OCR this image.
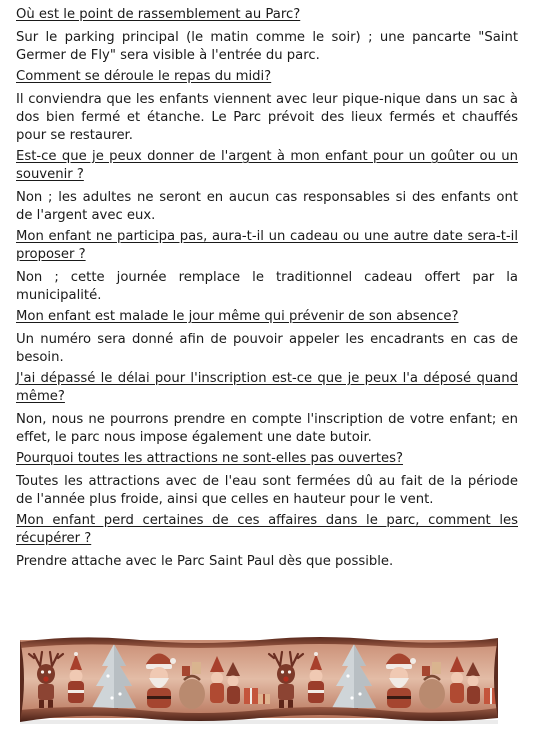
Où est le point de rassemblement au Parc?

Sur le parking principal (le matin comme le soir) ; une pancarte "Saint Germer de Fly" sera visible à l'entrée du parc.

Comment se déroule le repas du midi?

Il conviendra que les enfants viennent avec leur pique-nique dans un sac à dos bien fermé et étanche. Le Parc prévoit des lieux fermés et chauffés pour se restaurer.

Est-ce que je peux donner de l'argent à mon enfant pour un goûter ou un souvenir ?

Non ; les adultes ne seront en aucun cas responsables si des enfants ont de l'argent avec eux.

Mon enfant ne participa pas, aura-t-il un cadeau ou une autre date sera-t-il proposer ?

Non ; cette journée remplace le traditionnel cadeau offert par la municipalité.

Mon enfant est malade le jour même qui prévenir de son absence?

Un numéro sera donné afin de pouvoir appeler les encadrants en cas de besoin.

J'ai dépassé le délai pour l'inscription est-ce que je peux l'a déposé quand même?

Non, nous ne pourrons prendre en compte l'inscription de votre enfant; en effet, le parc nous impose également une date butoir.

Pourquoi toutes les attractions ne sont-elles pas ouvertes?

Toutes les attractions avec de l'eau sont fermées dû au fait de la période de l'année plus froide, ainsi que celles en hauteur pour le vent.

Mon enfant perd certaines de ces affaires dans le parc, comment les récupérer ?

Prendre attache avec le Parc Saint Paul dès que possible.
